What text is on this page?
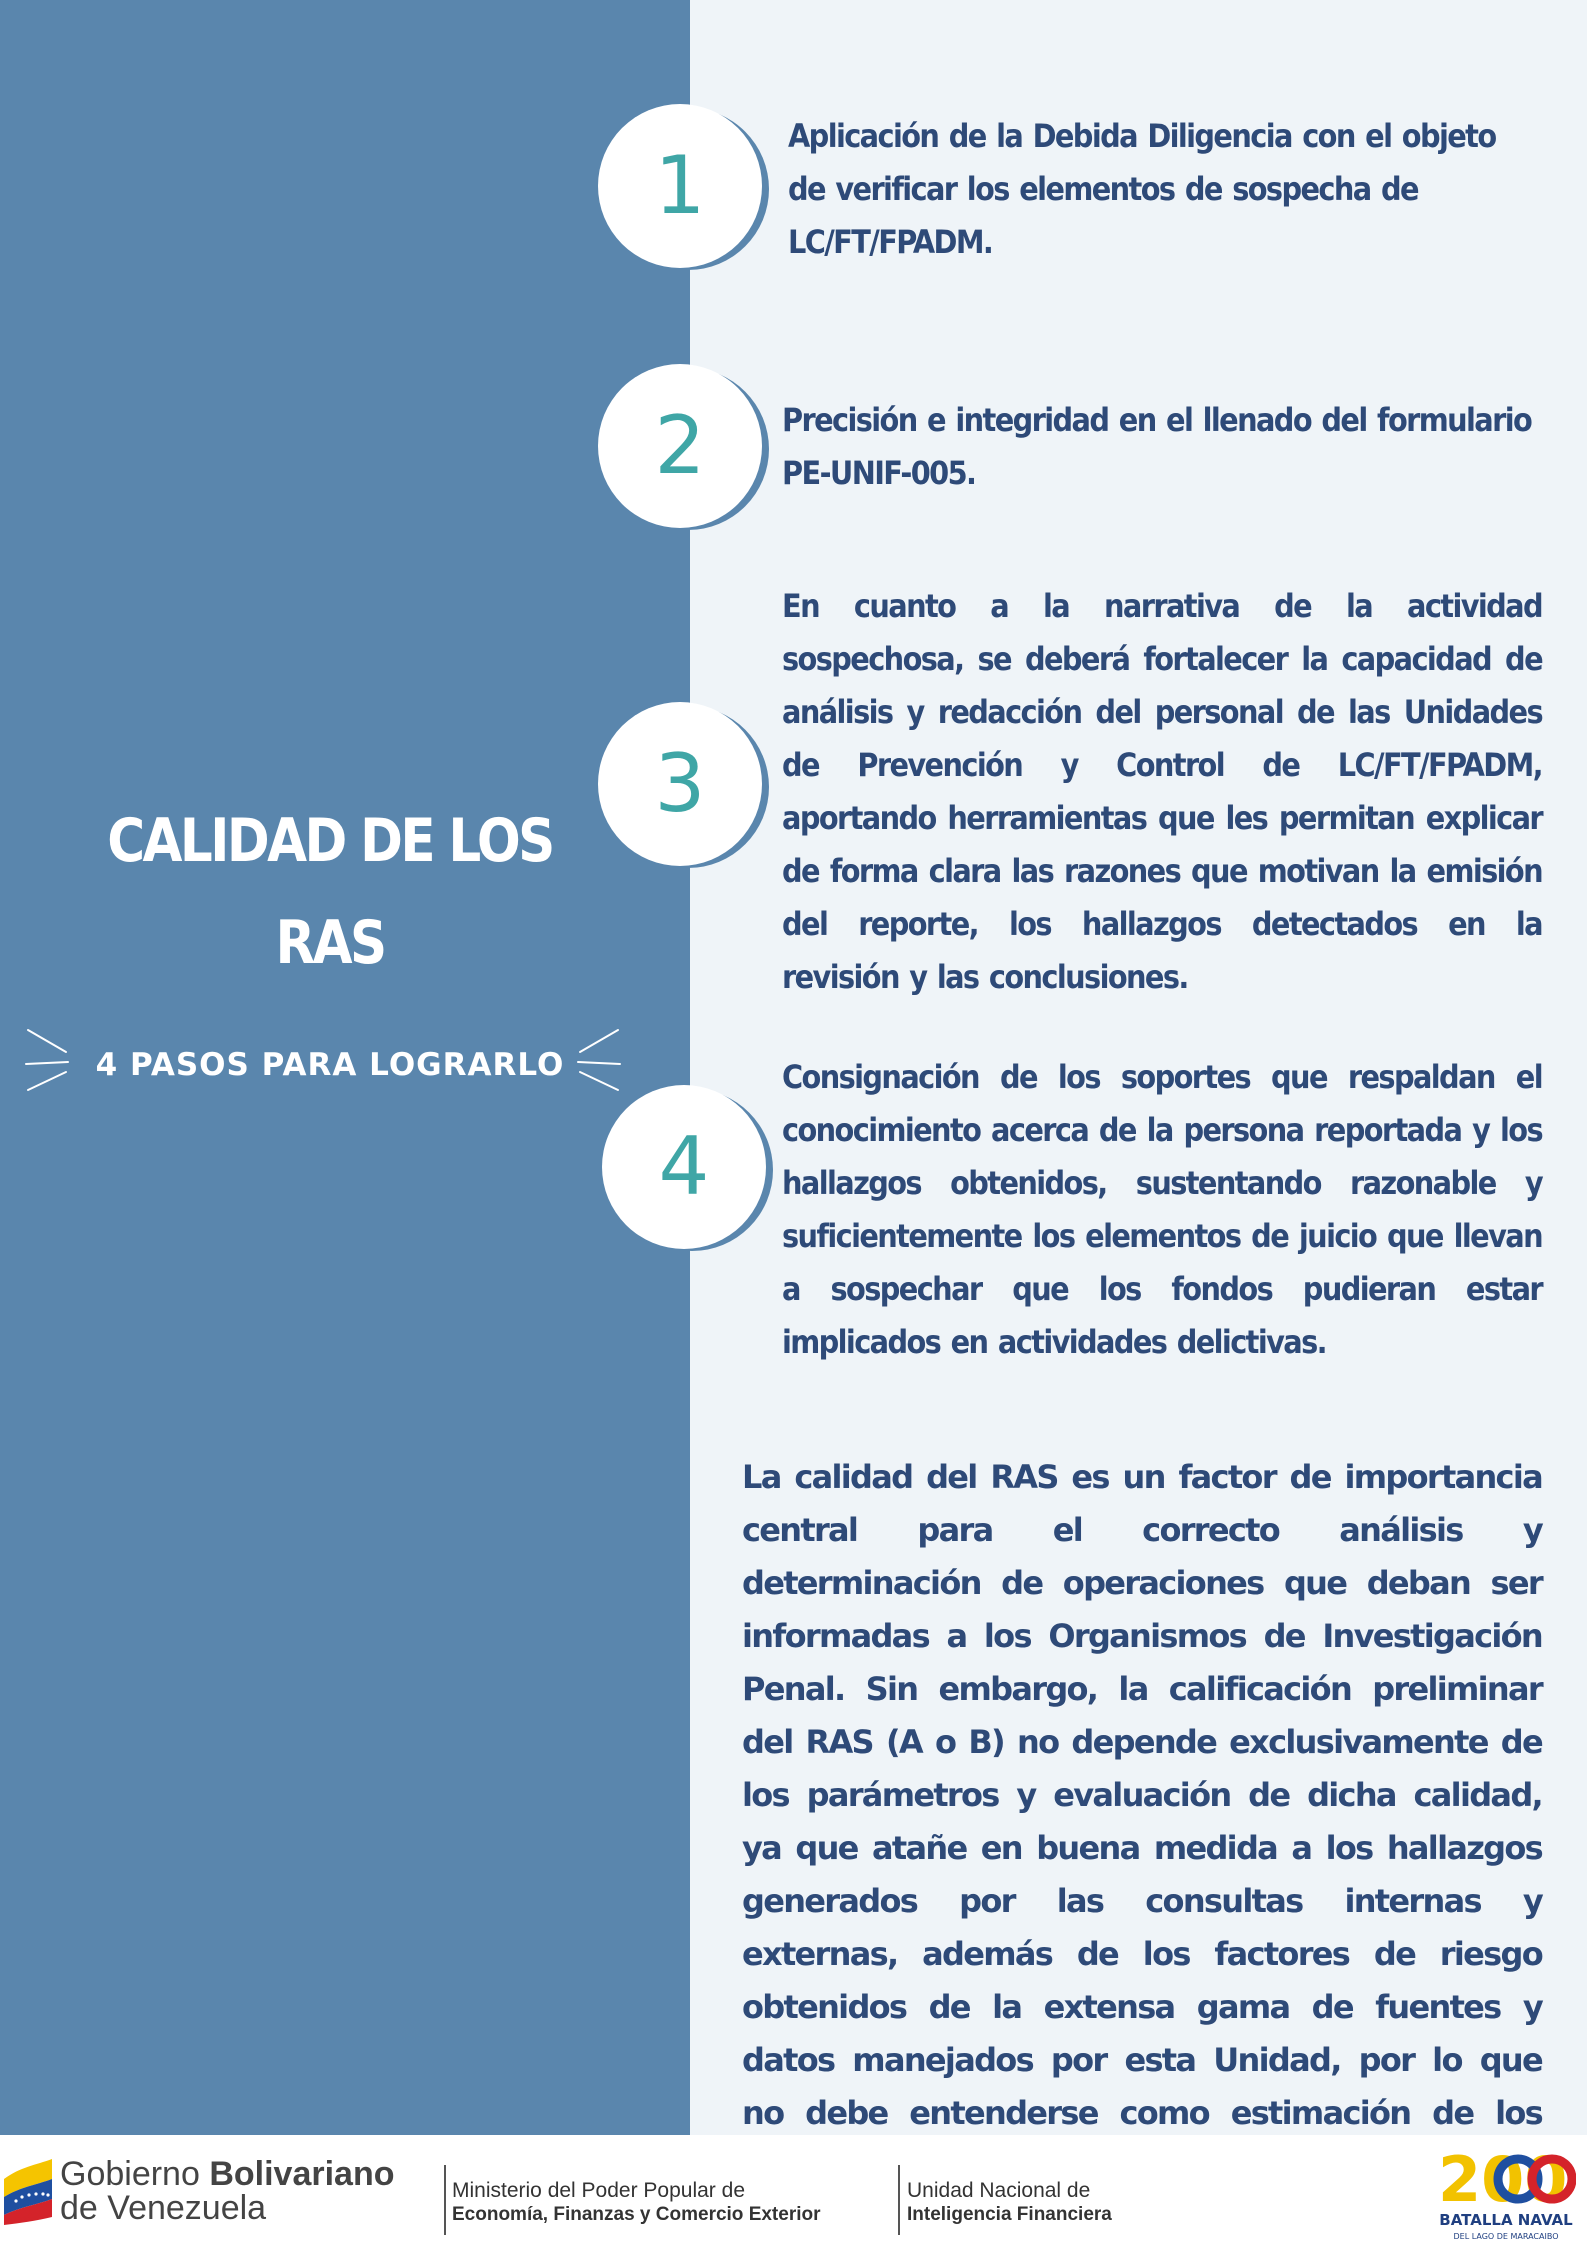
CALIDAD DE LOS
RAS
4 PASOS PARA LOGRARLO
1
Aplicación de la Debida Diligencia con el objeto de verificar los elementos de sospecha de LC/FT/FPADM.
2 Precisión e integridad en el llenado del formulario PE-UNIF-005.
3
En cuanto a la narrativa de la actividad sospechosa, se deberá fortalecer la capacidad de análisis y redacción del personal de las Unidades de Prevención y Control de LC/FT/FPADM, aportando herramientas que les permitan explicar de forma clara las razones que motivan la emisión del reporte, los hallazgos detectados en la revisión y las conclusiones.
4
Consignación de los soportes que respaldan el conocimiento acerca de la persona reportada y los hallazgos obtenidos, sustentando razonable y suficientemente los elementos de juicio que llevan a sospechar que los fondos pudieran estar implicados en actividades delictivas.
La calidad del RAS es un factor de importancia central para el correcto análisis y determinación de operaciones que deban ser informadas a los Organismos de Investigación Penal. Sin embargo, la calificación preliminar del RAS (A o B) no depende exclusivamente de los parámetros y evaluación de dicha calidad, ya que atañe en buena medida a los hallazgos generados por las consultas internas y externas, además de los factores de riesgo obtenidos de la extensa gama de fuentes y datos manejados por esta Unidad, por lo que no debe entenderse como estimación de los
Gobierno Bolivariano
de Venezuela	Ministerio del Poder Popular de
Economía, Finanzas y Comercio Exterior
Unidad Nacional de
Inteligencia Financiera	200
BATALLA NAVAL
DEL LAGO DE MARACAIBO
